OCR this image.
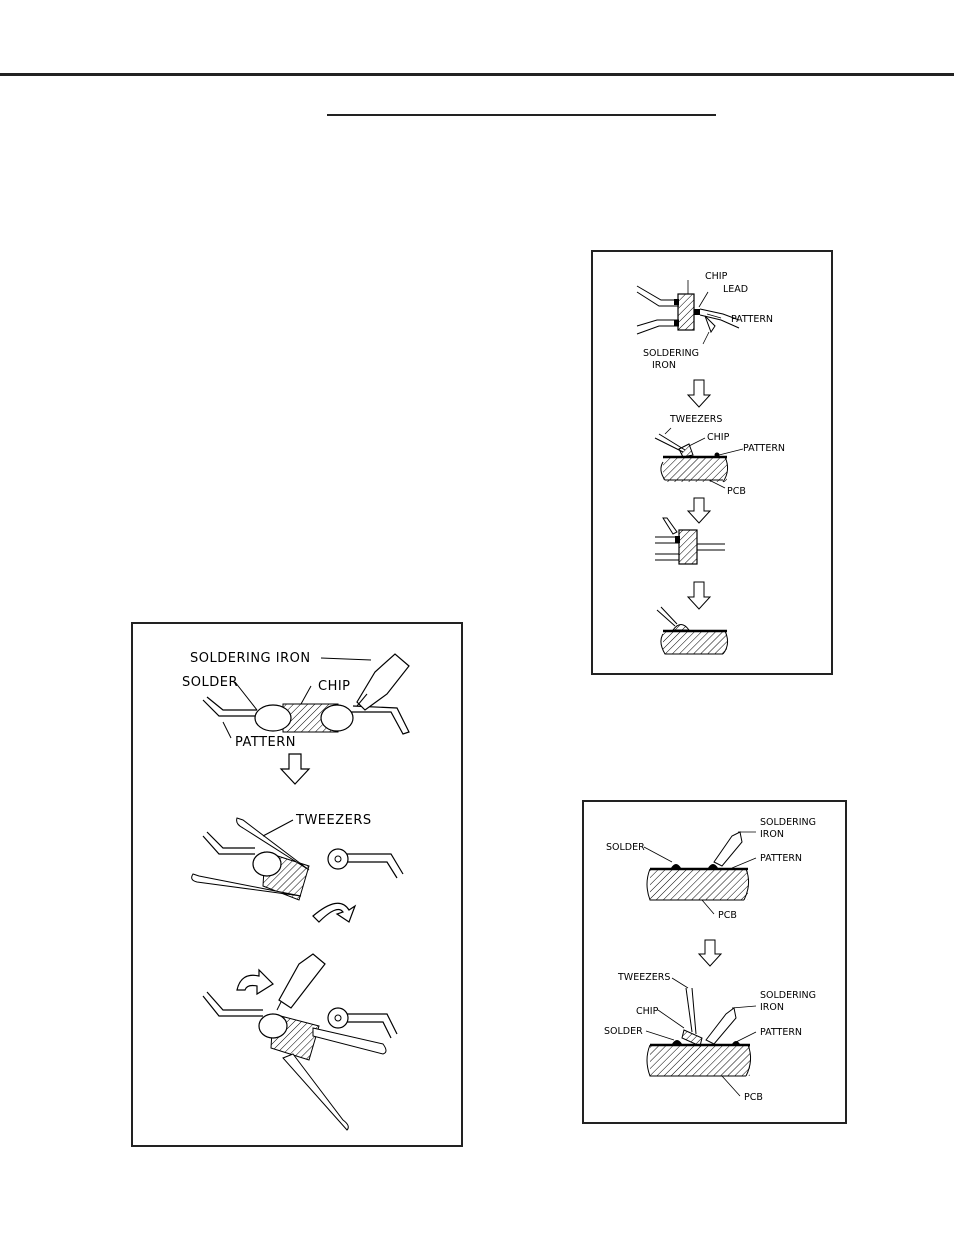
CHIP
LEAD
PATTERN
SOLDERING
IRON
TWEEZERS
CHIP
PATTERN
PCB
SOLDERING IRON
SOLDER	CHIP
PATTERN
TWEEZERS
SOLDER
SOLDERING
IRON
PATTERN
PCB
TWEEZERS
SOLDERING
IRON
CHIP
SOLDER	PATTERN
PCB
